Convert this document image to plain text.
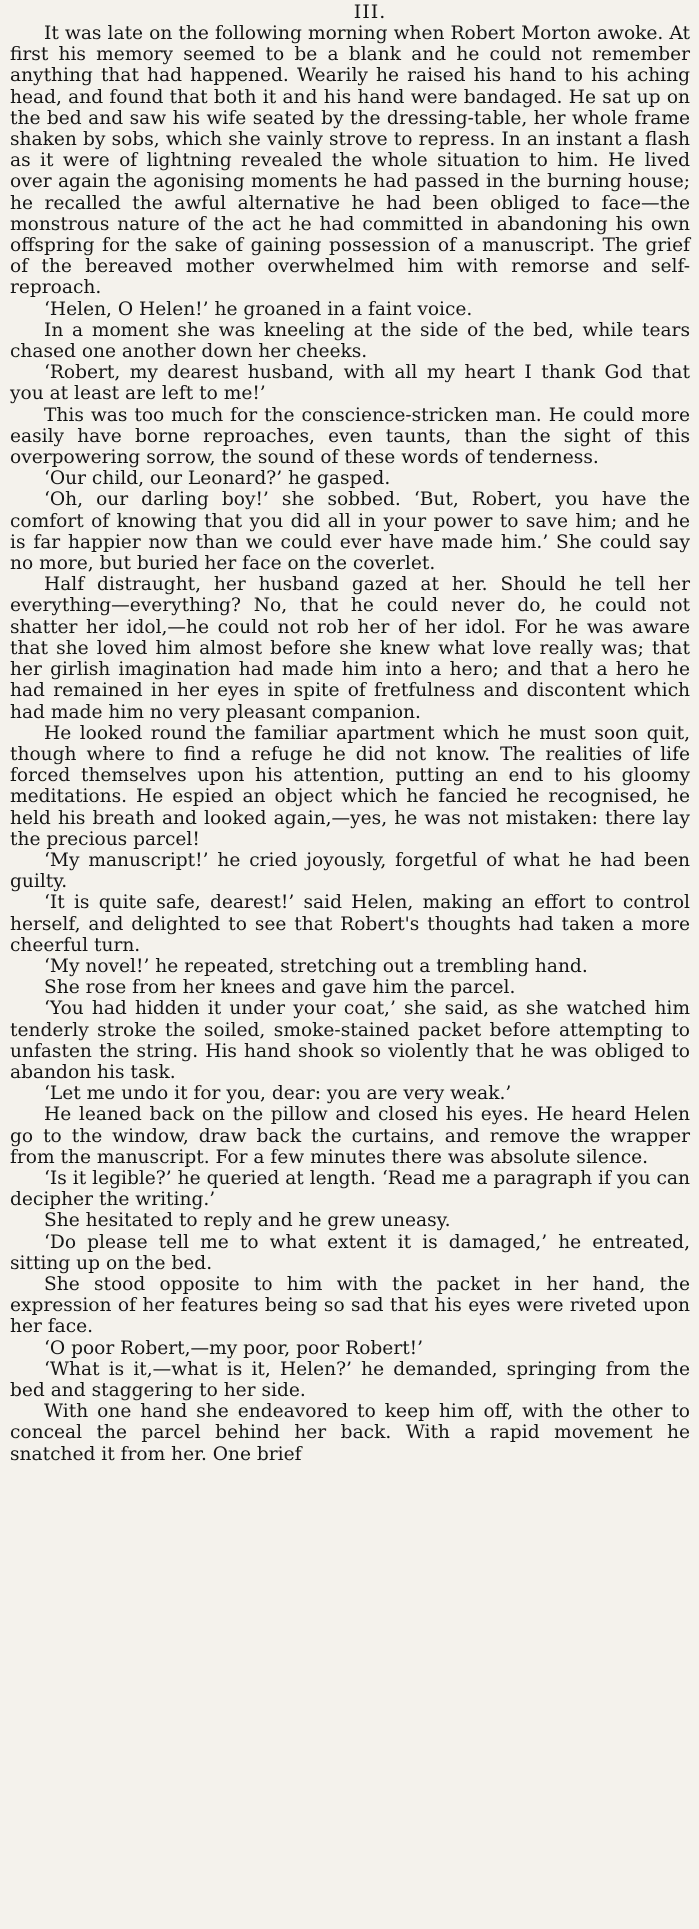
III.

It was late on the following morning when Robert Morton awoke. At first his memory seemed to be a blank and he could not remember anything that had happened. Wearily he raised his hand to his aching head, and found that both it and his hand were bandaged. He sat up on the bed and saw his wife seated by the dressing-table, her whole frame shaken by sobs, which she vainly strove to repress. In an instant a flash as it were of lightning revealed the whole situation to him. He lived over again the agonising moments he had passed in the burning house; he recalled the awful alternative he had been obliged to face—the monstrous nature of the act he had committed in abandoning his own offspring for the sake of gaining possession of a manuscript. The grief of the bereaved mother overwhelmed him with remorse and self-reproach.

‘Helen, O Helen!’ he groaned in a faint voice.

In a moment she was kneeling at the side of the bed, while tears chased one another down her cheeks.

‘Robert, my dearest husband, with all my heart I thank God that you at least are left to me!’

This was too much for the conscience-stricken man. He could more easily have borne reproaches, even taunts, than the sight of this overpowering sorrow, the sound of these words of tenderness.

‘Our child, our Leonard?’ he gasped.

‘Oh, our darling boy!’ she sobbed. ‘But, Robert, you have the comfort of knowing that you did all in your power to save him; and he is far happier now than we could ever have made him.’ She could say no more, but buried her face on the coverlet.

Half distraught, her husband gazed at her. Should he tell her everything—everything? No, that he could never do, he could not shatter her idol,—he could not rob her of her idol. For he was aware that she loved him almost before she knew what love really was; that her girlish imagination had made him into a hero; and that a hero he had remained in her eyes in spite of fretfulness and discontent which had made him no very pleasant companion.

He looked round the familiar apartment which he must soon quit, though where to find a refuge he did not know. The realities of life forced themselves upon his attention, putting an end to his gloomy meditations. He espied an object which he fancied he recognised, he held his breath and looked again,—yes, he was not mistaken: there lay the precious parcel!

‘My manuscript!’ he cried joyously, forgetful of what he had been guilty.

‘It is quite safe, dearest!’ said Helen, making an effort to control herself, and delighted to see that Robert's thoughts had taken a more cheerful turn.

‘My novel!’ he repeated, stretching out a trembling hand.

She rose from her knees and gave him the parcel.

‘You had hidden it under your coat,’ she said, as she watched him tenderly stroke the soiled, smoke-stained packet before attempting to unfasten the string. His hand shook so violently that he was obliged to abandon his task.

‘Let me undo it for you, dear: you are very weak.’

He leaned back on the pillow and closed his eyes. He heard Helen go to the window, draw back the curtains, and remove the wrapper from the manuscript. For a few minutes there was absolute silence.

‘Is it legible?’ he queried at length. ‘Read me a paragraph if you can decipher the writing.’

She hesitated to reply and he grew uneasy.

‘Do please tell me to what extent it is damaged,’ he entreated, sitting up on the bed.

She stood opposite to him with the packet in her hand, the expression of her features being so sad that his eyes were riveted upon her face.

‘O poor Robert,—my poor, poor Robert!’

‘What is it,—what is it, Helen?’ he demanded, springing from the bed and staggering to her side.

With one hand she endeavored to keep him off, with the other to conceal the parcel behind her back. With a rapid movement he snatched it from her. One brief
